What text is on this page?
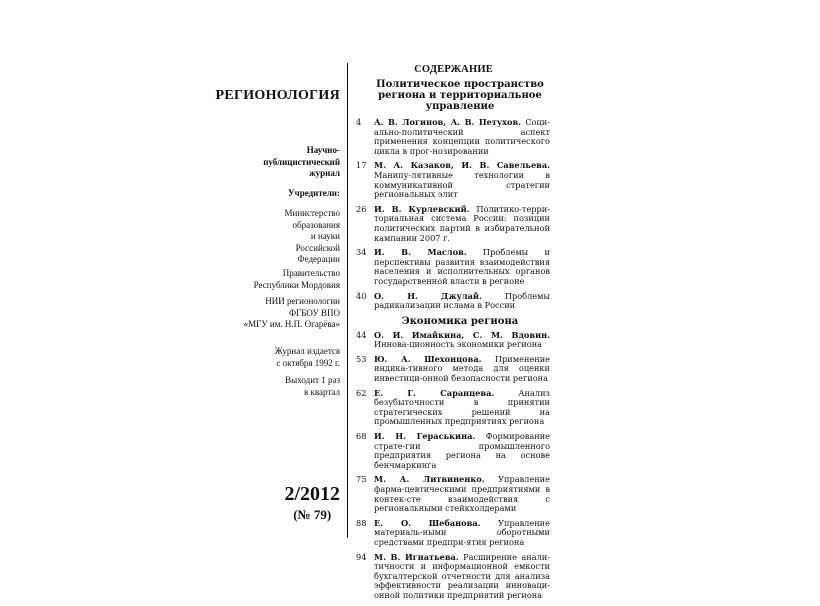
РЕГИОНОЛОГИЯ
Научно-
публицистический
журнал
Учредители:
Министерство
образования
и науки
Российской
Федерации
Правительство
Республики Мордовия
НИИ регионологии
ФГБОУ ВПО
«МГУ им. Н.П. Огарёва»
Журнал издается
с октября 1992 г.
Выходит 1 раз
в квартал
2/2012
(№ 79)
СОДЕРЖАНИЕ
Политическое пространство региона и территориальное управление
4	А. В. Логинов, А. В. Петухов. Соци-ально-политический аспект применения концепции политического цикла в прог-нозировании
17 М. А. Казаков, И. В. Савельева. Манипу-лятивные технологии в коммуникативной стратегии региональных элит
26 И. В. Курлевский. Политико-терри-ториальная система России: позиции политических партий в избирательной кампании 2007 г.
34 И. В. Маслов. Проблемы и перспективы развития взаимодействия населения и исполнительных органов государственной власти в регионе
40 О. Н. Джулай.	Проблемы радикализации ислама в России
Экономика региона
44 О. И. Имайкина, С. М. Вдовин. Иннова-ционность экономики региона
53 Ю. А. Шехонцова. Применение индика-тивного метода для оценки инвестици-онной безопасности региона
62 Е. Г. Саранцева.	Анализ безубыточности в принятии стратегических решений на промышленных предприятиях региона
68 И. Н. Гераськина. Формирование страте-гии промышленного предприятия региона на основе бенчмаркинга
75 М. А. Литвиненко. Управление фарма-цевтическими предприятиями в контек-сте взаимодействия с региональными стейкхолдерами
88 Е. О. Шебанова. Управление материаль-ными оборотными средствами предпри-ятия региона
94 М. В. Игнатьева. Расширение анали-тичности и информационной емкости бухгалтерской отчетности для анализа эффективности реализации инноваци-онной политики предприятий региона
